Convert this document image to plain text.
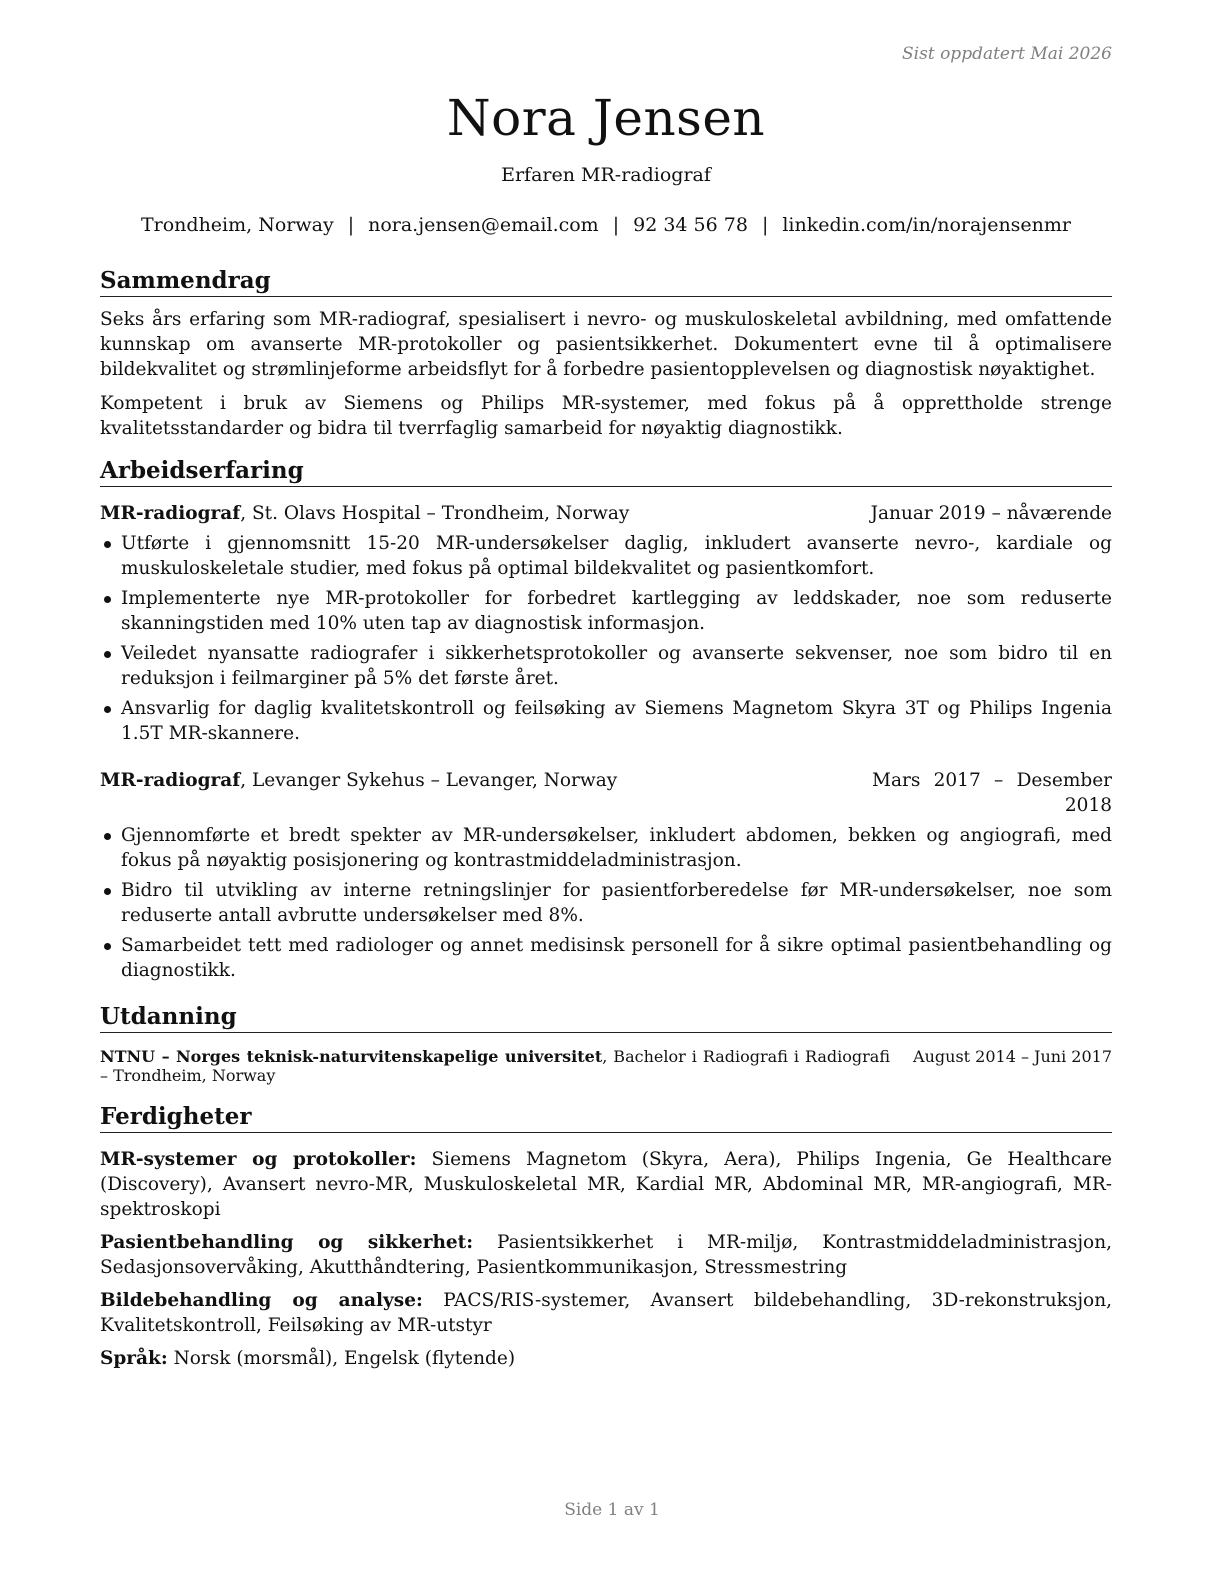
Sist oppdatert Mai 2026
Nora Jensen
Erfaren MR-radiograf
Trondheim, Norway | nora.jensen@email.com | 92 34 56 78 | linkedin.com/in/norajensenmr
Sammendrag

Seks års erfaring som MR-radiograf, spesialisert i nevro- og muskuloskeletal avbildning, med omfattende kunnskap om avanserte MR-protokoller og pasientsikkerhet. Dokumentert evne til å optimalisere bildekvalitet og strømlinjeforme arbeidsflyt for å forbedre pasientopplevelsen og diagnostisk nøyaktighet.

Kompetent i bruk av Siemens og Philips MR-systemer, med fokus på å opprettholde strenge kvalitetsstandarder og bidra til tverrfaglig samarbeid for nøyaktig diagnostikk.

Arbeidserfaring
MR-radiograf, St. Olavs Hospital – Trondheim, Norway	Januar 2019 – nåværende
Utførte i gjennomsnitt 15-20 MR-undersøkelser daglig, inkludert avanserte nevro-, kardiale og muskuloskeletale studier, med fokus på optimal bildekvalitet og pasientkomfort.
Implementerte nye MR-protokoller for forbedret kartlegging av leddskader, noe som reduserte skanningstiden med 10% uten tap av diagnostisk informasjon.
Veiledet nyansatte radiografer i sikkerhetsprotokoller og avanserte sekvenser, noe som bidro til en reduksjon i feilmarginer på 5% det første året.
Ansvarlig for daglig kvalitetskontroll og feilsøking av Siemens Magnetom Skyra 3T og Philips Ingenia 1.5T MR-skannere.
MR-radiograf, Levanger Sykehus – Levanger, Norway	Mars 2017 – Desember 2018
Gjennomførte et bredt spekter av MR-undersøkelser, inkludert abdomen, bekken og angiografi, med fokus på nøyaktig posisjonering og kontrastmiddeladministrasjon.
Bidro til utvikling av interne retningslinjer for pasientforberedelse før MR-undersøkelser, noe som reduserte antall avbrutte undersøkelser med 8%.
Samarbeidet tett med radiologer og annet medisinsk personell for å sikre optimal pasientbehandling og diagnostikk.
Utdanning
NTNU – Norges teknisk-naturvitenskapelige universitet, Bachelor i Radiografi i Radiografi – Trondheim, Norway
August 2014 – Juni 2017
Ferdigheter
MR-systemer og protokoller: Siemens Magnetom (Skyra, Aera), Philips Ingenia, Ge Healthcare (Discovery), Avansert nevro-MR, Muskuloskeletal MR, Kardial MR, Abdominal MR, MR-angiografi, MR-spektroskopi
Pasientbehandling og sikkerhet: Pasientsikkerhet i MR-miljø, Kontrastmiddeladministrasjon, Sedasjonsovervåking, Akutthåndtering, Pasientkommunikasjon, Stressmestring
Bildebehandling og analyse: PACS/RIS-systemer, Avansert bildebehandling, 3D-rekonstruksjon, Kvalitetskontroll, Feilsøking av MR-utstyr
Språk: Norsk (morsmål), Engelsk (flytende)
Side 1 av 1
